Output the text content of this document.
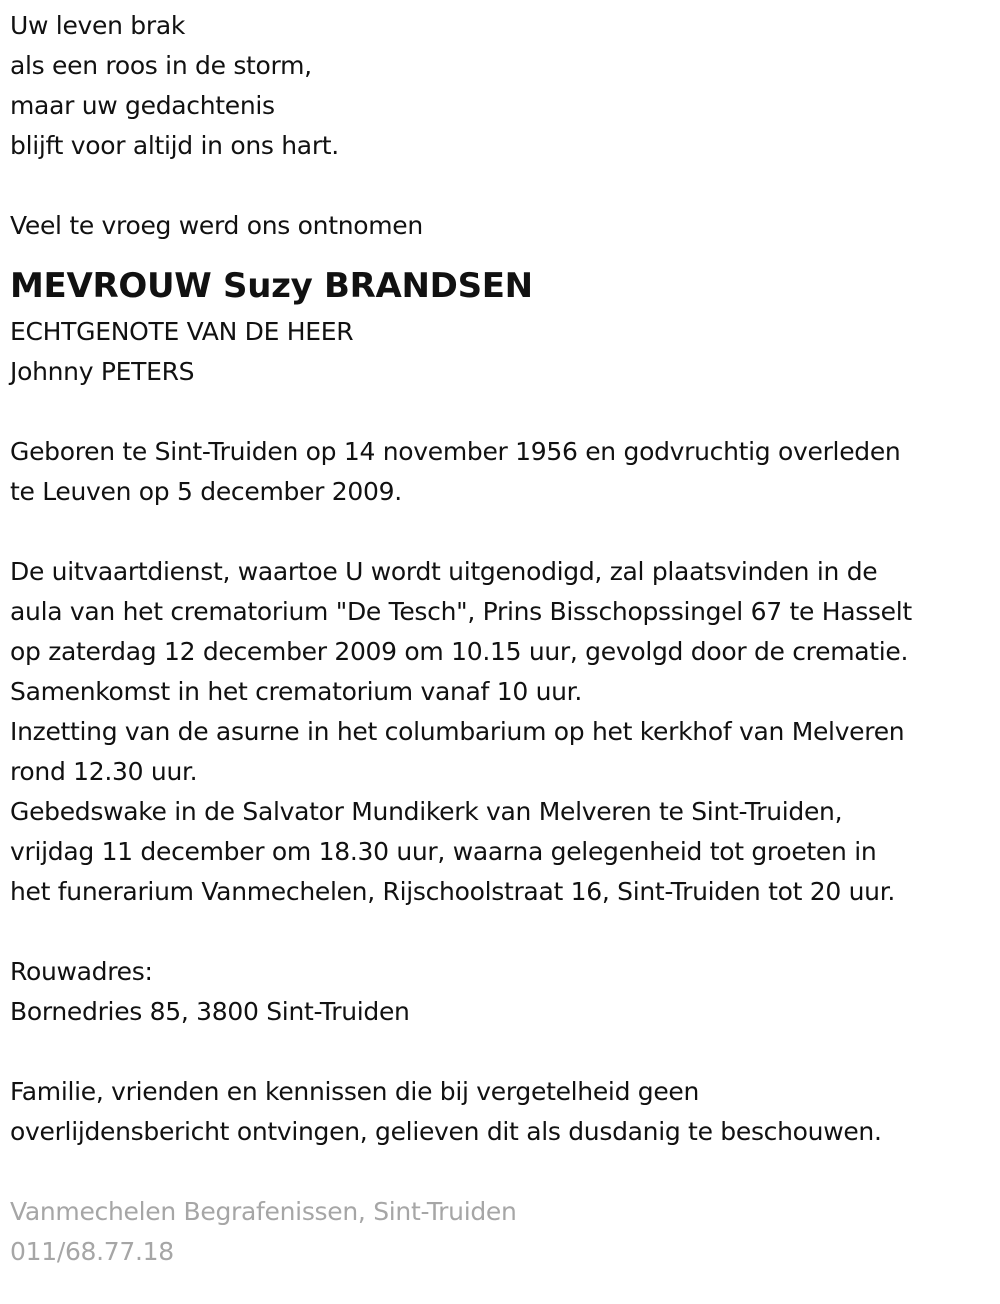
Uw leven brak
als een roos in de storm,
maar uw gedachtenis
blijft voor altijd in ons hart.
Veel te vroeg werd ons ontnomen
MEVROUW Suzy BRANDSEN
ECHTGENOTE VAN DE HEER
Johnny PETERS
Geboren te Sint-Truiden op 14 november 1956 en godvruchtig overleden
te Leuven op 5 december 2009.
De uitvaartdienst, waartoe U wordt uitgenodigd, zal plaatsvinden in de
aula van het crematorium "De Tesch", Prins Bisschopssingel 67 te Hasselt
op zaterdag 12 december 2009 om 10.15 uur, gevolgd door de crematie.
Samenkomst in het crematorium vanaf 10 uur.
Inzetting van de asurne in het columbarium op het kerkhof van Melveren
rond 12.30 uur.
Gebedswake in de Salvator Mundikerk van Melveren te Sint-Truiden,
vrijdag 11 december om 18.30 uur, waarna gelegenheid tot groeten in
het funerarium Vanmechelen, Rijschoolstraat 16, Sint-Truiden tot 20 uur.
Rouwadres:
Bornedries 85, 3800 Sint-Truiden
Familie, vrienden en kennissen die bij vergetelheid geen
overlijdensbericht ontvingen, gelieven dit als dusdanig te beschouwen.
Vanmechelen Begrafenissen, Sint-Truiden
011/68.77.18
